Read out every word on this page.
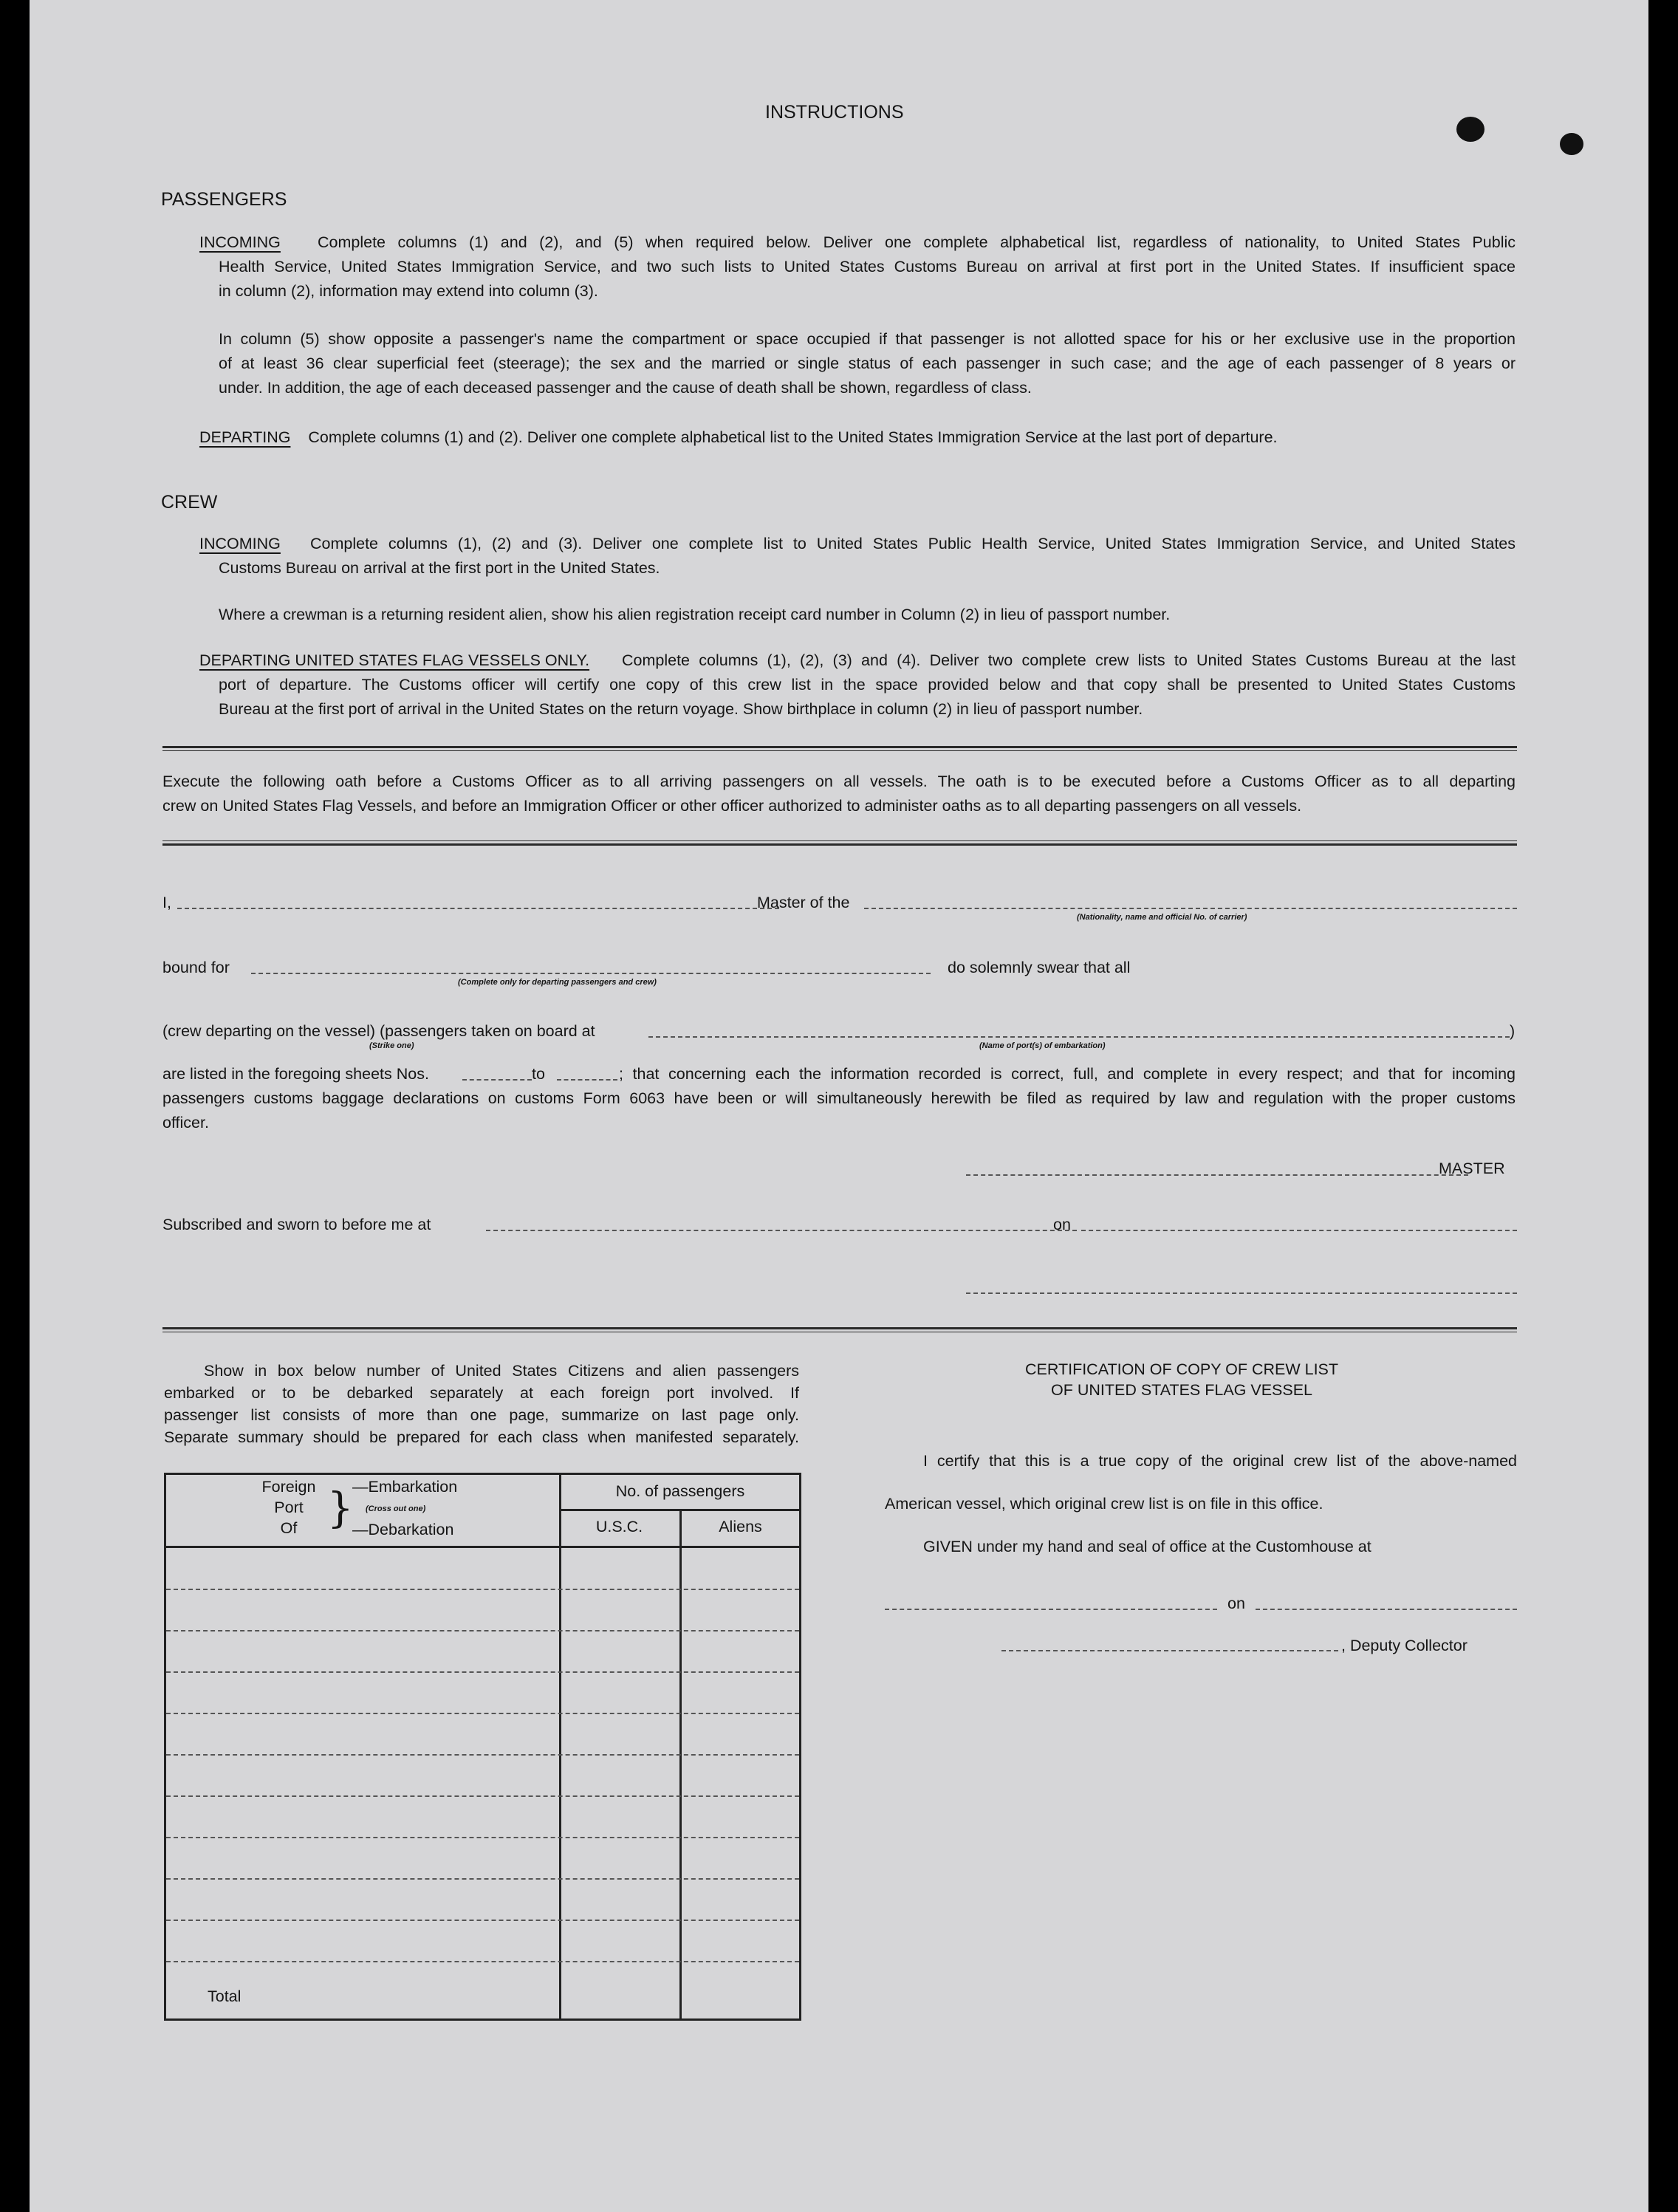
INSTRUCTIONS
PASSENGERS
INCOMING Complete columns (1) and (2), and (5) when required below. Deliver one complete alphabetical list, regardless of nationality, to United States Public
Health Service, United States Immigration Service, and two such lists to United States Customs Bureau on arrival at first port in the United States. If insufficient space
in column (2), information may extend into column (3).
In column (5) show opposite a passenger's name the compartment or space occupied if that passenger is not allotted space for his or her exclusive use in the proportion
of at least 36 clear superficial feet (steerage); the sex and the married or single status of each passenger in such case; and the age of each passenger of 8 years or
under. In addition, the age of each deceased passenger and the cause of death shall be shown, regardless of class.
DEPARTING Complete columns (1) and (2). Deliver one complete alphabetical list to the United States Immigration Service at the last port of departure.
CREW
INCOMING Complete columns (1), (2) and (3). Deliver one complete list to United States Public Health Service, United States Immigration Service, and United States
Customs Bureau on arrival at the first port in the United States.
Where a crewman is a returning resident alien, show his alien registration receipt card number in Column (2) in lieu of passport number.
DEPARTING UNITED STATES FLAG VESSELS ONLY. Complete columns (1), (2), (3) and (4). Deliver two complete crew lists to United States Customs Bureau at the last
port of departure. The Customs officer will certify one copy of this crew list in the space provided below and that copy shall be presented to United States Customs
Bureau at the first port of arrival in the United States on the return voyage. Show birthplace in column (2) in lieu of passport number.
Execute the following oath before a Customs Officer as to all arriving passengers on all vessels. The oath is to be executed before a Customs Officer as to all departing
crew on United States Flag Vessels, and before an Immigration Officer or other officer authorized to administer oaths as to all departing passengers on all vessels.
I,	Master of the
(Nationality, name and official No. of carrier)
bound for
(Complete only for departing passengers and crew)
do solemnly swear that all
(crew departing on the vessel) (passengers taken on board at	)
(Strike one)	(Name of port(s) of embarkation)
are listed in the foregoing sheets Nos.	to	; that concerning each the information recorded is correct, full, and complete in every respect; and that for incoming
passengers customs baggage declarations on customs Form 6063 have been or will simultaneously herewith be filed as required by law and regulation with the proper customs
officer.
MASTER
Subscribed and sworn to before me at	on
Show in box below number of United States Citizens and alien passengers
embarked or to be debarked separately at each foreign port involved. If
passenger list consists of more than one page, summarize on last page only.
Separate summary should be prepared for each class when manifested separately.
Foreign
Port
Of }
—Embarkation
(Cross out one)
—Debarkation
No. of passengers
U.S.C.	Aliens
Total
CERTIFICATION OF COPY OF CREW LIST
OF UNITED STATES FLAG VESSEL
I certify that this is a true copy of the original crew list of the above-named
American vessel, which original crew list is on file in this office.
GIVEN under my hand and seal of office at the Customhouse at
on
, Deputy Collector
